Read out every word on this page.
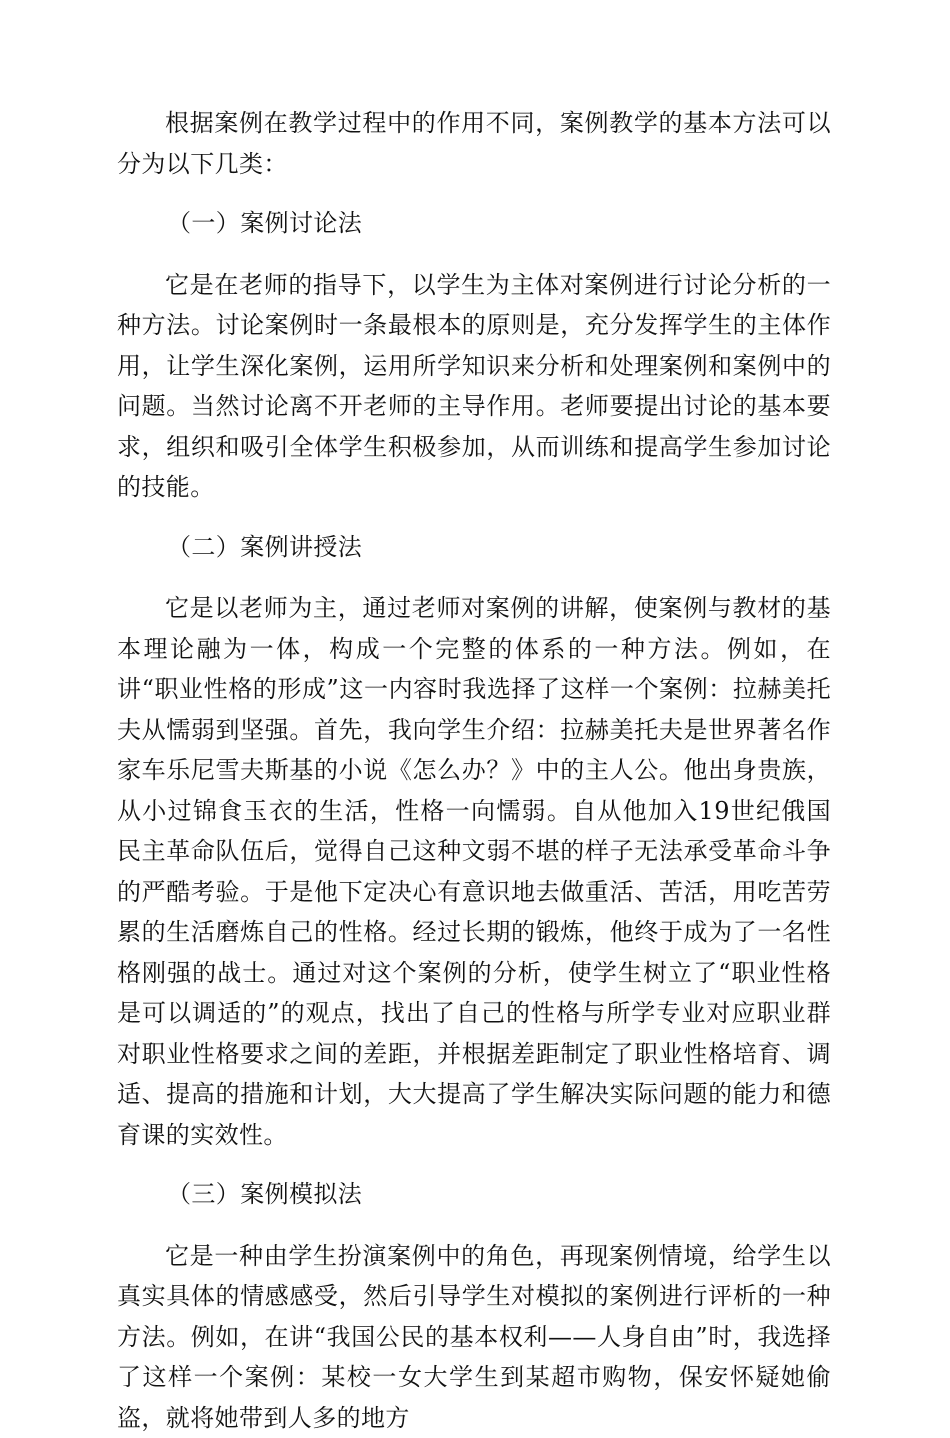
根据案例在教学过程中的作用不同，案例教学的基本方法可以分为以下几类：

（一）案例讨论法

它是在老师的指导下，以学生为主体对案例进行讨论分析的一种方法。讨论案例时一条最根本的原则是，充分发挥学生的主体作用，让学生深化案例，运用所学知识来分析和处理案例和案例中的问题。当然讨论离不开老师的主导作用。老师要提出讨论的基本要求，组织和吸引全体学生积极参加，从而训练和提高学生参加讨论的技能。

（二）案例讲授法

它是以老师为主，通过老师对案例的讲解，使案例与教材的基本理论融为一体，构成一个完整的体系的一种方法。例如，在讲“职业性格的形成”这一内容时我选择了这样一个案例：拉赫美托夫从懦弱到坚强。首先，我向学生介绍：拉赫美托夫是世界著名作家车乐尼雪夫斯基的小说《怎么办？》中的主人公。他出身贵族，从小过锦食玉衣的生活，性格一向懦弱。自从他加入19世纪俄国民主革命队伍后，觉得自己这种文弱不堪的样子无法承受革命斗争的严酷考验。于是他下定决心有意识地去做重活、苦活，用吃苦劳累的生活磨炼自己的性格。经过长期的锻炼，他终于成为了一名性格刚强的战士。通过对这个案例的分析，使学生树立了“职业性格是可以调适的”的观点，找出了自己的性格与所学专业对应职业群对职业性格要求之间的差距，并根据差距制定了职业性格培育、调适、提高的措施和计划，大大提高了学生解决实际问题的能力和德育课的实效性。

（三）案例模拟法

它是一种由学生扮演案例中的角色，再现案例情境，给学生以真实具体的情感感受，然后引导学生对模拟的案例进行评析的一种方法。例如，在讲“我国公民的基本权利——人身自由”时，我选择了这样一个案例：某校一女大学生到某超市购物，保安怀疑她偷盗，就将她带到人多的地方
